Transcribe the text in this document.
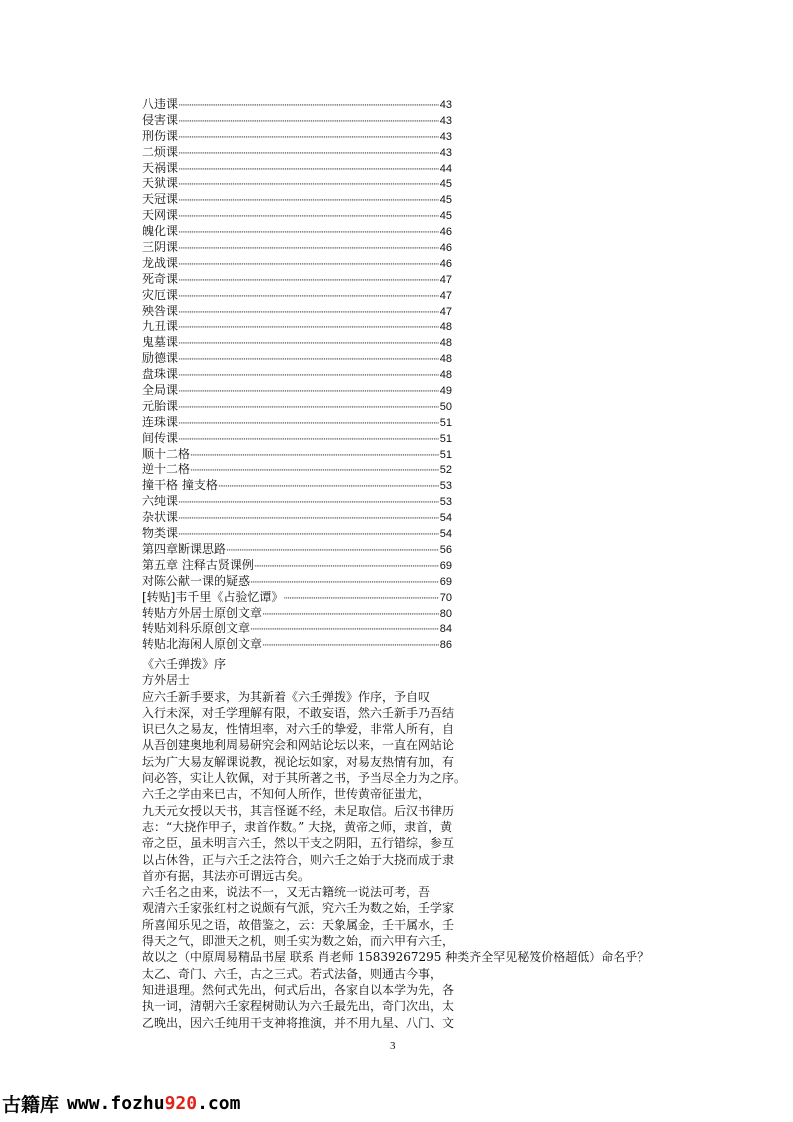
八违课 ·····	43
侵害课 ·····	43
刑伤课 ·····	43
二烦课 ·····	43
天祸课 ·····	44
天狱课 ·····	45
天冠课 ·····	45
天网课 ·····	45
魄化课 ·····	46
三阴课 ·····	46
龙战课 ·····	46
死奇课 ·····	47
灾厄课 ·····	47
殃咎课 ·····	47
九丑课 ·····	48
鬼墓课 ·····	48
励德课 ·····	48
盘珠课 ·····	48
全局课 ·····	49
元胎课 ·····	50
连珠课 ·····	51
间传课 ·····	51
顺十二格 ·····	51
逆十二格 ·····	52
撞干格 撞支格 ·····	53
六纯课 ·····	53
杂状课 ·····	54
物类课 ·····	54
第四章断课思路 ·····	56
第五章 注释古贤课例 ·····	69
对陈公献一课的疑惑 ·····	69
[转贴]韦千里《占验忆谭》 ·····	70
转贴方外居士原创文章 ·····	80
转贴刘科乐原创文章 ·····	84
转贴北海闲人原创文章 ·····	86

《六壬弹拨》序

方外居士

应六壬新手要求，为其新着《六壬弹拨》作序，予自叹

入行未深，对壬学理解有限，不敢妄语，然六壬新手乃吾结

识已久之易友，性情坦率，对六壬的挚爱，非常人所有，自

从吾创建奥地利周易研究会和网站论坛以来，一直在网站论

坛为广大易友解课说教，视论坛如家，对易友热情有加，有

问必答，实让人钦佩，对于其所著之书，予当尽全力为之序。

六壬之学由来已古，不知何人所作，世传黄帝征蚩尤，

九天元女授以天书，其言怪诞不经，未足取信。后汉书律历

志：“大挠作甲子，隶首作数。” 大挠，黄帝之师，隶首，黄

帝之臣，虽未明言六壬，然以干支之阴阳，五行错综，参互

以占休咎，正与六壬之法符合，则六壬之始于大挠而成于隶

首亦有据，其法亦可谓远古矣。

六壬名之由来，说法不一，又无古籍统一说法可考，吾

观清六壬家张红村之说颇有气派，究六壬为数之始，壬学家

所喜闻乐见之语，故借鉴之，云：天象属金，壬干属水，壬

得天之气，即泄天之机，则壬实为数之始，而六甲有六壬，

故以之（中原周易精品书屋 联系 肖老师 15839267295 种类齐全罕见秘笈价格超低）命名乎？

太乙、奇门、六壬，古之三式。若式法备，则通古今事，

知进退理。然何式先出，何式后出，各家自以本学为先，各

执一词，清朝六壬家程树勋认为六壬最先出，奇门次出，太

乙晚出，因六壬纯用干支神将推演，并不用九星、八门、文

3
古籍库 www.fozhu920.com
